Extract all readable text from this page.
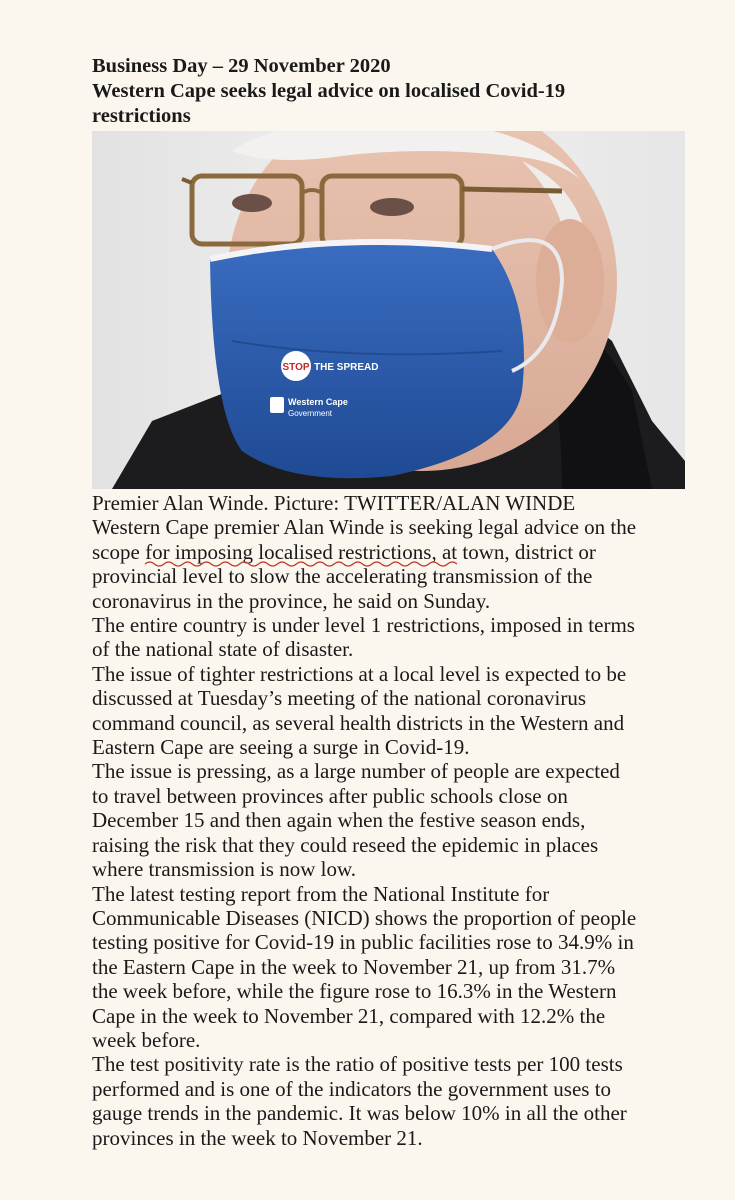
Business Day – 29 November 2020
Western Cape seeks legal advice on localised Covid-19
restrictions
STOP THE SPREAD
Western Cape
Government
Premier Alan Winde. Picture: TWITTER/ALAN WINDE
Western Cape premier Alan Winde is seeking legal advice on the
scope for imposing localised restrictions, at
town, district or
provincial level to slow the accelerating transmission of the
coronavirus in the province, he said on Sunday.
The entire country is under level 1 restrictions, imposed in terms
of the national state of disaster.
The issue of tighter restrictions at a local level is expected to be
discussed at Tuesday’s meeting of the national coronavirus
command council, as several health districts in the Western and
Eastern Cape are seeing a surge in Covid-19.
The issue is pressing, as a large number of people are expected
to travel between provinces after public schools close on
December 15 and then again when the festive season ends,
raising the risk that they could reseed the epidemic in places
where transmission is now low.
The latest testing report from the National Institute for
Communicable Diseases (NICD) shows the proportion of people
testing positive for Covid-19 in public facilities rose to 34.9% in
the Eastern Cape in the week to November 21, up from 31.7%
the week before, while the figure rose to 16.3% in the Western
Cape in the week to November 21, compared with 12.2% the
week before.
The test positivity rate is the ratio of positive tests per 100 tests
performed and is one of the indicators the government uses to
gauge trends in the pandemic. It was below 10% in all the other
provinces in the week to November 21.
